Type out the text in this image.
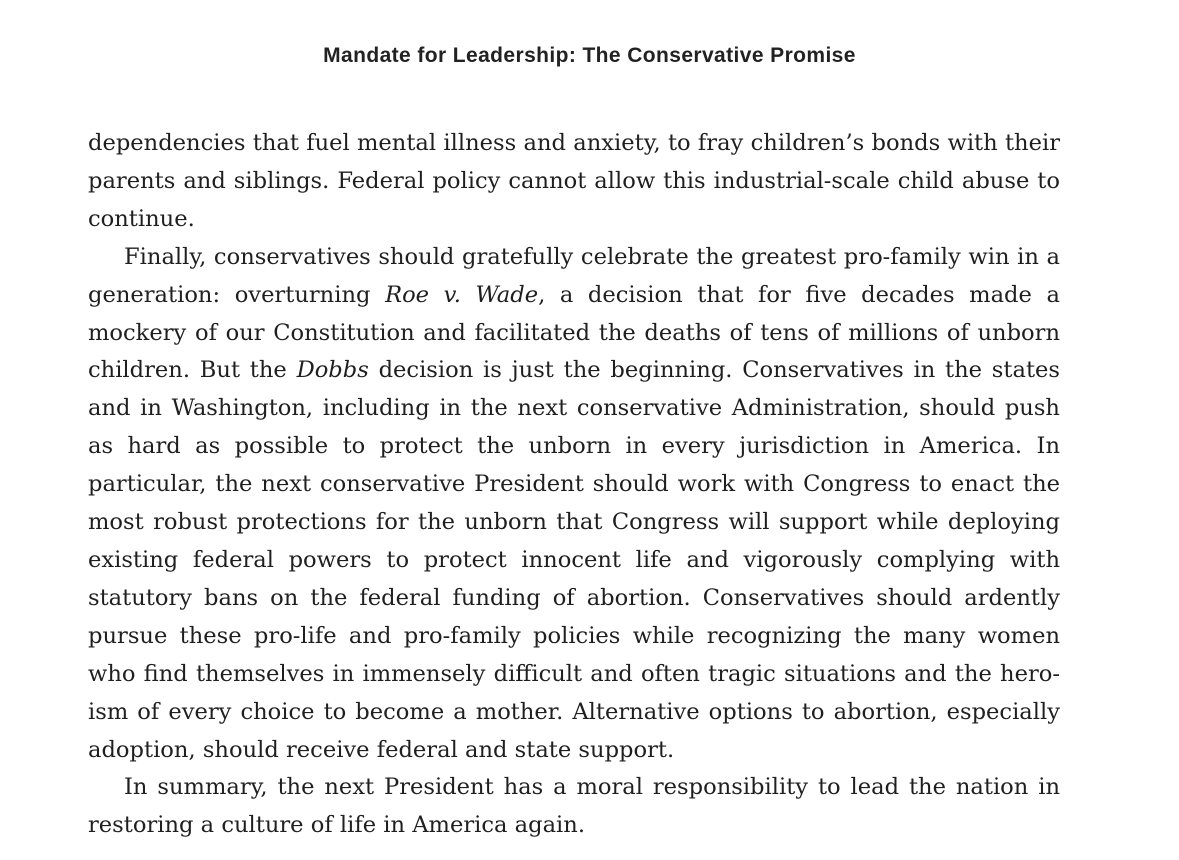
Mandate for Leadership: The Conservative Promise

dependencies that fuel mental illness and anxiety, to fray children’s bonds with their parents and siblings. Federal policy cannot allow this industrial-scale child abuse to continue.

Finally, conservatives should gratefully celebrate the greatest pro-family win in a generation: overturning Roe v. Wade, a decision that for five decades made a mockery of our Constitution and facilitated the deaths of tens of millions of unborn children. But the Dobbs decision is just the beginning. Conservatives in the states and in Washington, including in the next conservative Administration, should push as hard as possible to protect the unborn in every jurisdiction in America. In particular, the next conservative President should work with Congress to enact the most robust protections for the unborn that Congress will support while deploying existing federal powers to protect innocent life and vigorously complying with statutory bans on the federal funding of abortion. Conservatives should ardently pursue these pro-life and pro-family policies while recognizing the many women who find themselves in immensely difficult and often tragic situations and the heroism of every choice to become a mother. Alternative options to abortion, especially adoption, should receive federal and state support.

In summary, the next President has a moral responsibility to lead the nation in restoring a culture of life in America again.
